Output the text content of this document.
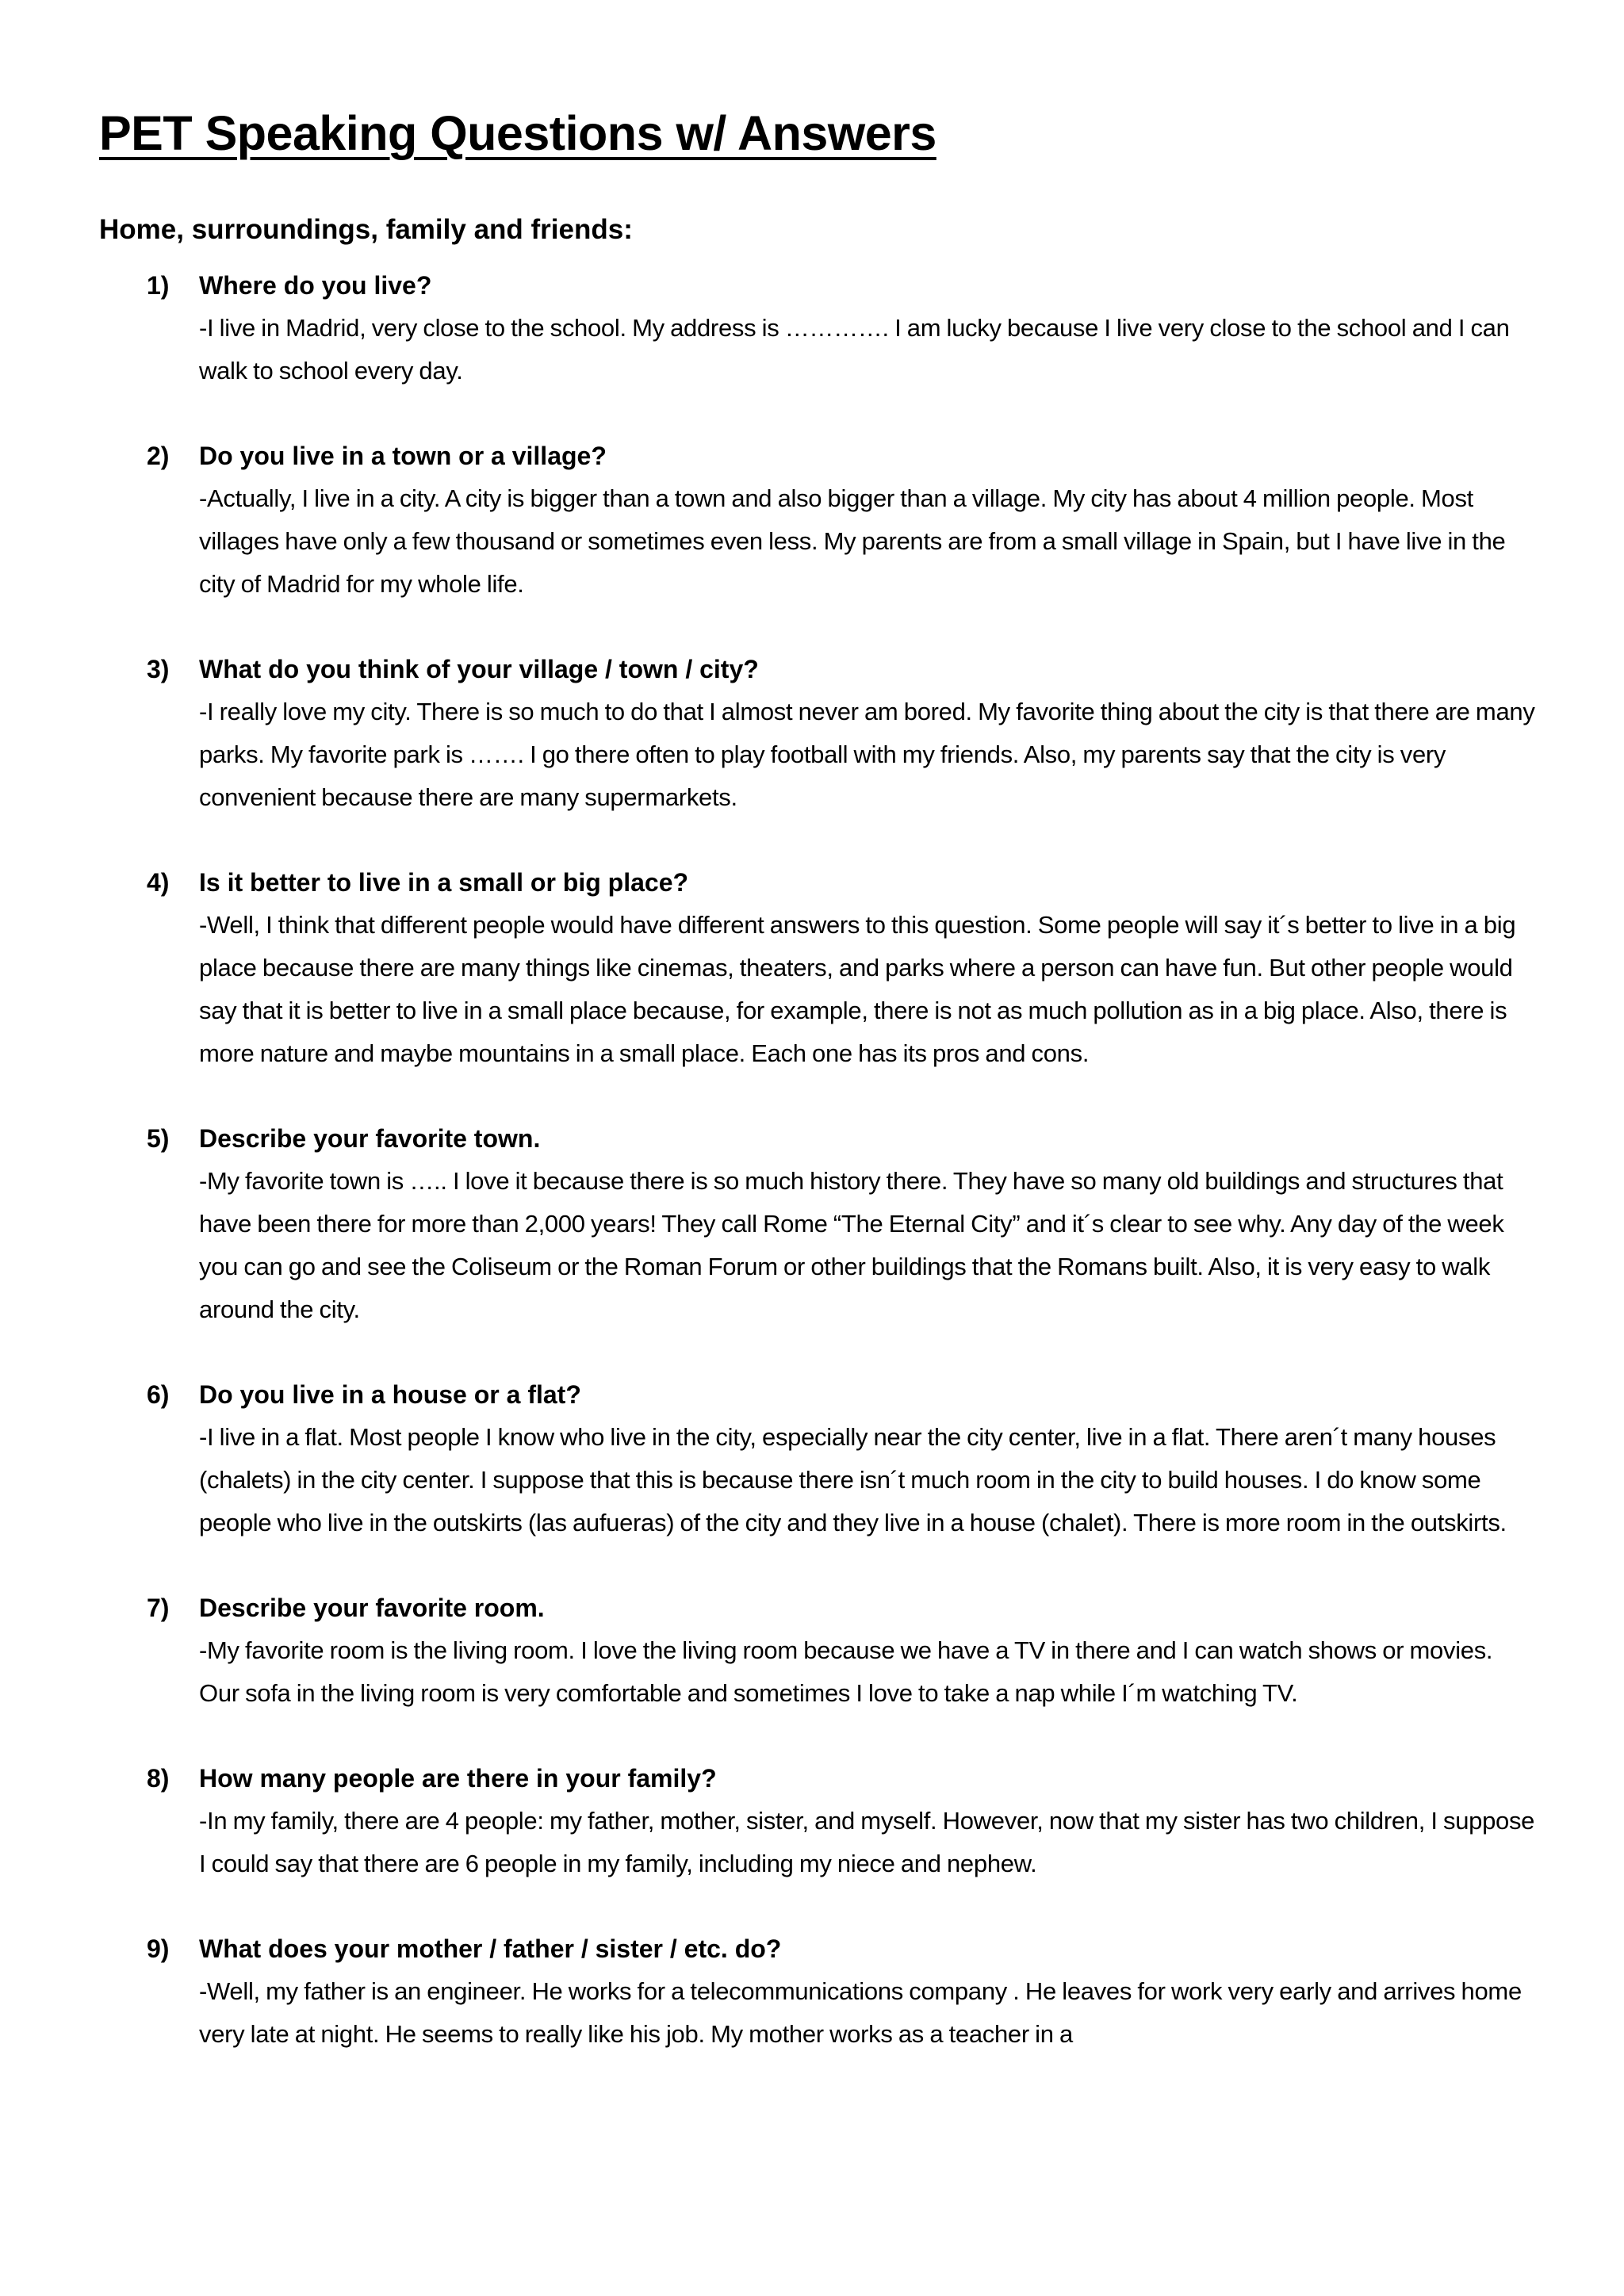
PET Speaking Questions w/ Answers
Home, surroundings, family and friends:
1) Where do you live?

-I live in Madrid, very close to the school. My address is …………. I am lucky because I live very close to the school and I can walk to school every day.

2) Do you live in a town or a village?

-Actually, I live in a city. A city is bigger than a town and also bigger than a village. My city has about 4 million people. Most villages have only a few thousand or sometimes even less. My parents are from a small village in Spain, but I have live in the city of Madrid for my whole life.

3) What do you think of your village / town / city?

-I really love my city. There is so much to do that I almost never am bored. My favorite thing about the city is that there are many parks. My favorite park is ……. I go there often to play football with my friends. Also, my parents say that the city is very convenient because there are many supermarkets.

4) Is it better to live in a small or big place?

-Well, I think that different people would have different answers to this question. Some people will say it´s better to live in a big place because there are many things like cinemas, theaters, and parks where a person can have fun. But other people would say that it is better to live in a small place because, for example, there is not as much pollution as in a big place. Also, there is more nature and maybe mountains in a small place. Each one has its pros and cons.

5) Describe your favorite town.

-My favorite town is ….. I love it because there is so much history there. They have so many old buildings and structures that have been there for more than 2,000 years! They call Rome “The Eternal City” and it´s clear to see why. Any day of the week you can go and see the Coliseum or the Roman Forum or other buildings that the Romans built. Also, it is very easy to walk around the city.

6) Do you live in a house or a flat?

-I live in a flat. Most people I know who live in the city, especially near the city center, live in a flat. There aren´t many houses (chalets) in the city center. I suppose that this is because there isn´t much room in the city to build houses. I do know some people who live in the outskirts (las aufueras) of the city and they live in a house (chalet). There is more room in the outskirts.

7) Describe your favorite room.

-My favorite room is the living room. I love the living room because we have a TV in there and I can watch shows or movies. Our sofa in the living room is very comfortable and sometimes I love to take a nap while I´m watching TV.

8) How many people are there in your family?

-In my family, there are 4 people: my father, mother, sister, and myself. However, now that my sister has two children, I suppose I could say that there are 6 people in my family, including my niece and nephew.

9) What does your mother / father / sister / etc. do?

-Well, my father is an engineer. He works for a telecommunications company . He leaves for work very early and arrives home very late at night. He seems to really like his job. My mother works as a teacher in a
